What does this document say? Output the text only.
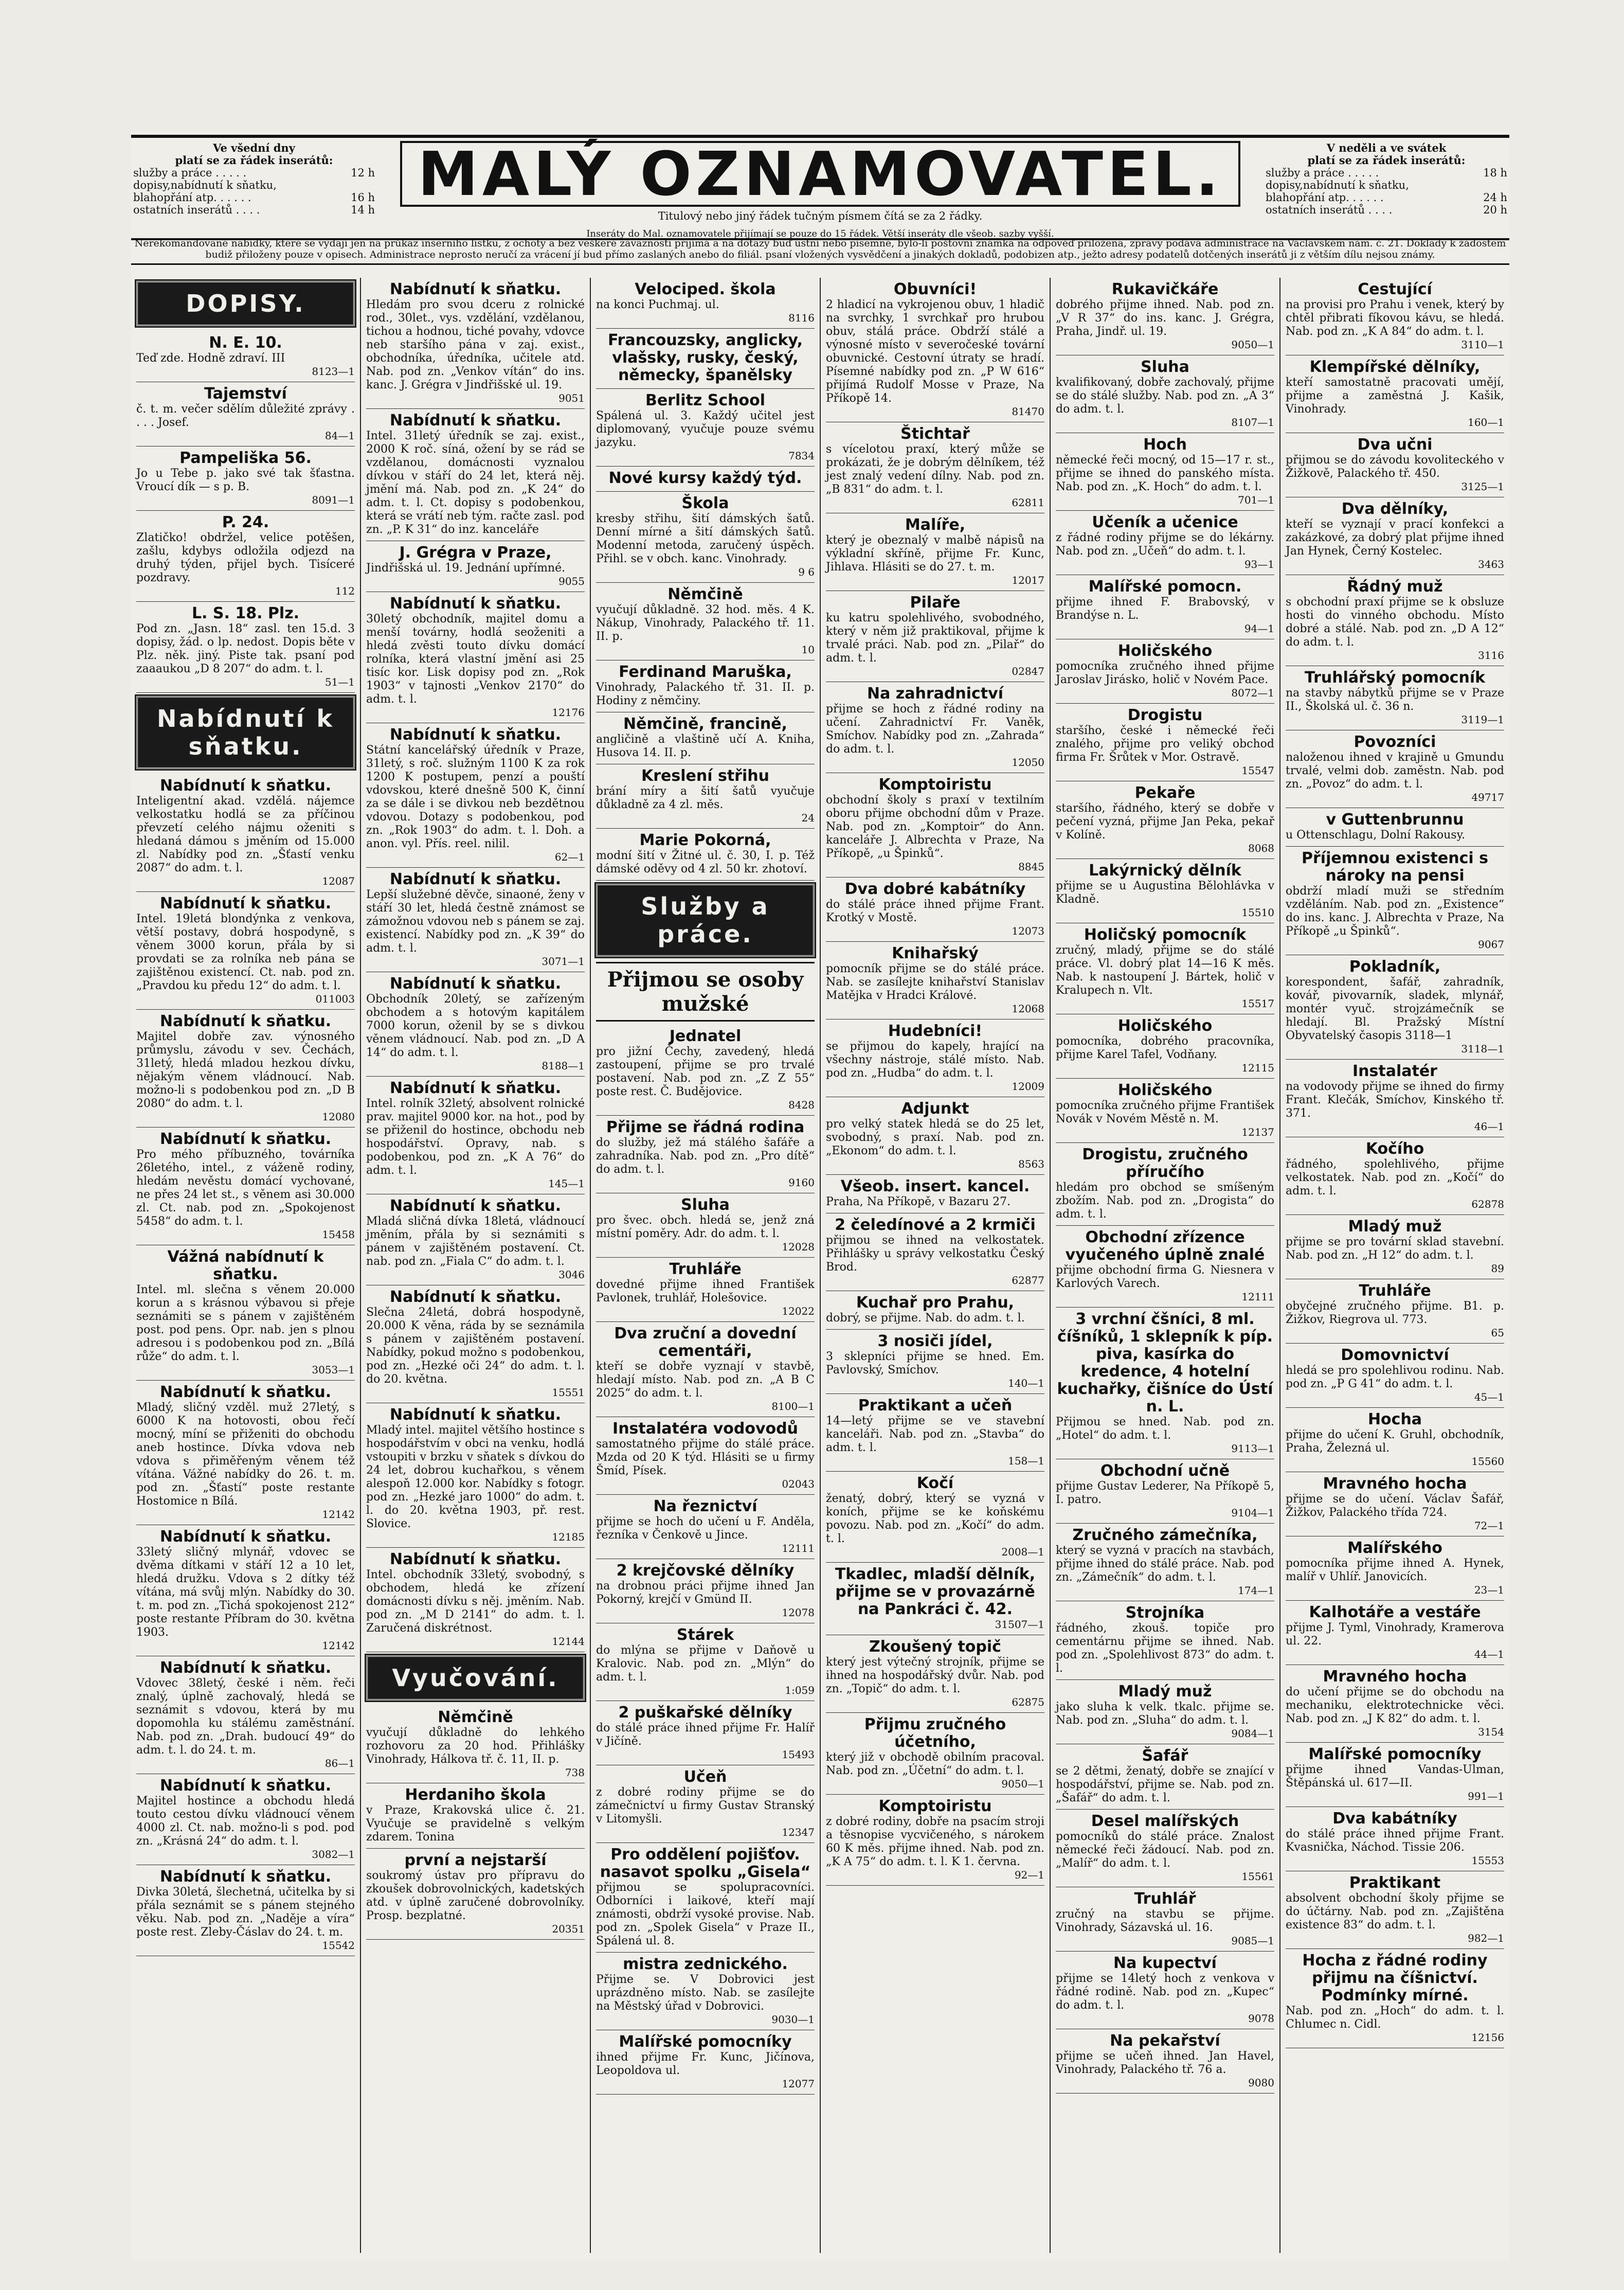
Ve všední dny
platí se za řádek inserátů:
služby a práce . . . . .	12 h
dopisy,nabídnutí k sňatku,
blahopřání atp. . . . . .	16 h
ostatních inserátů . . . .	14 h
MALÝ OZNAMOVATEL.
Titulový nebo jiný řádek tučným písmem čítá se za 2 řádky.
V neděli a ve svátek
platí se za řádek inserátů:
služby a práce . . . . .	18 h
dopisy,nabídnutí k sňatku,
blahopřání atp. . . . . .	24 h
ostatních inserátů . . . .	20 h
Inseráty do Mal. oznamovatele přijímají se pouze do 15 řádek. Větší inseráty dle všeob. sazby vyšší.
Nerekomandované nabídky, které se vydají jen na průkaz inserního lístku, z ochoty a bez veškeré závaznosti přijímá a na dotazy buď ústní nebo písemné, bylo-li poštovní známka na odpověď přiložena, zprávy podává administrace na Václavském nám. č. 21. Doklady k žádostem budiž přiloženy pouze v opisech. Administrace neprosto neručí za vrácení jí bud přímo zaslaných anebo do filiál. psaní vložených vysvědčení a jinakých dokladů, podobizen atp., ježto adresy podatelů dotčených inserátů ji z větším dílu nejsou známy.
DOPISY.
N. E. 10.
Teď zde. Hodně zdraví. III
8123—1
Tajemství
č. t. m. večer sdělím důležité zprávy . . . . Josef.
84—1
Pampeliška 56.
Jo u Tebe p. jako své tak šťastna. Vroucí dík — s p. B.
8091—1
P. 24.
Zlatičko! obdržel, velice potěšen, zašlu, kdybys odložila odjezd na druhý týden, přijel bych. Tisíceré pozdravy.
112
L. S. 18. Plz.
Pod zn. „Jasn. 18“ zasl. ten 15.d. 3 dopisy, žád. o lp. nedost. Dopis běte v Plz. něk. jiný. Piste tak. psaní pod zaaaukou „D 8 207“ do adm. t. l.
51—1
Nabídnutí k sňatku.
Nabídnutí k sňatku.
Inteligentní akad. vzdělá. nájemce velkostatku hodlá se za příčinou převzetí celého nájmu oženiti s hledaná dámou s jměním od 15.000 zl. Nabídky pod zn. „Šťastí venku 2087“ do adm. t. l.
12087
Nabídnutí k sňatku.
Intel. 19letá blondýnka z venkova, větší postavy, dobrá hospodyně, s věnem 3000 korun, přála by si provdati se za rolníka neb pána se zajištěnou existencí. Ct. nab. pod zn. „Pravdou ku předu 12“ do adm. t. l.
011003
Nabídnutí k sňatku.
Majitel dobře zav. výnosného průmyslu, závodu v sev. Čechách, 31letý, hledá mladou hezkou dívku, nějakým věnem vládnoucí. Nab. možno-li s podobenkou pod zn. „D B 2080“ do adm. t. l.
12080
Nabídnutí k sňatku.
Pro mého příbuzného, továrníka 26letého, intel., z váženě rodiny, hledám nevěstu domácí vychované, ne přes 24 let st., s věnem asi 30.000 zl. Ct. nab. pod zn. „Spokojenost 5458“ do adm. t. l.
15458
Vážná nabídnutí k sňatku.
Intel. ml. slečna s věnem 20.000 korun a s krásnou výbavou si přeje seznámiti se s pánem v zajištěném post. pod pens. Opr. nab. jen s plnou adresou i s podobenkou pod zn. „Bílá růže“ do adm. t. l.
3053—1
Nabídnutí k sňatku.
Mladý, sličný vzděl. muž 27letý, s 6000 K na hotovosti, obou řečí mocný, míní se přiženiti do obchodu aneb hostince. Dívka vdova neb vdova s přiměřeným věnem též vítána. Vážné nabídky do 26. t. m. pod zn. „Šťastí“ poste restante Hostomice n Bílá.
12142
Nabídnutí k sňatku.
33letý sličný mlynář, vdovec se dvěma dítkami v stáří 12 a 10 let, hledá družku. Vdova s 2 dítky též vítána, má svůj mlýn. Nabídky do 30. t. m. pod zn. „Tichá spokojenost 212“ poste restante Příbram do 30. května 1903.
12142
Nabídnutí k sňatku.
Vdovec 38letý, české i něm. řeči znalý, úplně zachovalý, hledá se seznámit s vdovou, která by mu dopomohla ku stálému zaměstnání. Nab. pod zn. „Drah. budoucí 49“ do adm. t. l. do 24. t. m.
86—1
Nabídnutí k sňatku.
Majitel hostince a obchodu hledá touto cestou dívku vládnoucí věnem 4000 zl. Ct. nab. možno-li s pod. pod zn. „Krásná 24“ do adm. t. l.
3082—1
Nabídnutí k sňatku.
Divka 30letá, šlechetná, učitelka by si přála seznámit se s pánem stejného věku. Nab. pod zn. „Naděje a víra“ poste rest. Zleby-Čáslav do 24. t. m.
15542
Nabídnutí k sňatku.
Hledám pro svou dceru z rolnické rod., 30let., vys. vzdělání, vzdělanou, tichou a hodnou, tiché povahy, vdovce neb staršího pána v zaj. exist., obchodníka, úředníka, učitele atd. Nab. pod zn. „Venkov vítán“ do ins. kanc. J. Grégra v Jindřišské ul. 19.
9051
Nabídnutí k sňatku.
Intel. 31letý úředník se zaj. exist., 2000 K roč. síná, ožení by se rád se vzdělanou, domácnosti vyznalou dívkou v stáří do 24 let, která něj. jmění má. Nab. pod zn. „K 24“ do adm. t. l. Ct. dopisy s podobenkou, která se vrátí neb tým. račte zasl. pod zn. „P. K 31“ do inz. kanceláře
J. Grégra v Praze,
Jindřišská ul. 19. Jednání upřímné.
9055
Nabídnutí k sňatku.
30letý obchodník, majitel domu a menší továrny, hodlá seoženiti a hledá zvěsti touto dívku domácí rolníka, která vlastní jmění asi 25 tisíc kor. Lisk dopisy pod zn. „Rok 1903“ v tajnosti „Venkov 2170“ do adm. t. l.
12176
Nabídnutí k sňatku.
Státní kancelářský úředník v Praze, 31letý, s roč. služným 1100 K za rok 1200 K postupem, penzí a pouští vdovskou, které dnešně 500 K, činní za se dále i se divkou neb bezdětnou vdovou. Dotazy s podobenkou, pod zn. „Rok 1903“ do adm. t. l. Doh. a anon. vyl. Přís. reel. nilil.
62—1
Nabídnutí k sňatku.
Lepší služebné děvče, sinaoné, ženy v stáří 30 let, hledá čestně známost se zámožnou vdovou neb s pánem se zaj. existencí. Nabídky pod zn. „K 39“ do adm. t. l.
3071—1
Nabídnutí k sňatku.
Obchodník 20letý, se zařízeným obchodem a s hotovým kapitálem 7000 korun, oženil by se s divkou věnem vládnoucí. Nab. pod zn. „D A 14“ do adm. t. l.
8188—1
Nabídnutí k sňatku.
Intel. rolník 32letý, absolvent rolnické prav. majitel 9000 kor. na hot., pod by se přiženil do hostince, obchodu neb hospodářství. Opravy, nab. s podobenkou, pod zn. „K A 76“ do adm. t. l.
145—1
Nabídnutí k sňatku.
Mladá sličná dívka 18letá, vládnoucí jměním, přála by si seznámiti s pánem v zajištěném postavení. Ct. nab. pod zn. „Fiala C“ do adm. t. l.
3046
Nabídnutí k sňatku.
Slečna 24letá, dobrá hospodyně, 20.000 K věna, ráda by se seznámila s pánem v zajištěném postavení. Nabídky, pokud možno s podobenkou, pod zn. „Hezké oči 24“ do adm. t. l. do 20. května.
15551
Nabídnutí k sňatku.
Mladý intel. majitel většího hostince s hospodářstvím v obci na venku, hodlá vstoupiti v brzku v sňatek s dívkou do 24 let, dobrou kuchařkou, s věnem alespoň 12.000 kor. Nabídky s fotogr. pod zn. „Hezké jaro 1000“ do adm. t. l. do 20. května 1903, př. rest. Slovice.
12185
Nabídnutí k sňatku.
Intel. obchodník 33letý, svobodný, s obchodem, hledá ke zřízení domácnosti dívku s něj. jměním. Nab. pod zn. „M D 2141“ do adm. t. l. Zaručená diskrétnost.
12144
Vyučování.
Němčině
vyučují důkladně do lehkého rozhovoru za 20 hod. Přihlášky Vinohrady, Hálkova tř. č. 11, II. p.
738
Herdaniho škola
v Praze, Krakovská ulice č. 21. Vyučuje se pravidelně s velkým zdarem. Tonina
první a nejstarší
soukromý ústav pro přípravu do zkoušek dobrovolnických, kadetských atd. v úplně zaručené dobrovolníky. Prosp. bezplatné.
20351
Velociped. škola
na konci Puchmaj. ul.
8116
Francouzsky, anglicky, vlašsky, rusky, český, německy, španělsky
Berlitz School
Spálená ul. 3. Každý učitel jest diplomovaný, vyučuje pouze svému jazyku.
7834
Nové kursy každý týd.
Škola
kresby střihu, šití dámských šatů. Denní mírné a šití dámských šatů. Modenní metoda, zaručený úspěch. Přihl. se v obch. kanc. Vinohrady.
9 6
Němčině
vyučují důkladně. 32 hod. měs. 4 K. Nákup, Vinohrady, Palackého tř. 11. II. p.
10
Ferdinand Maruška,
Vinohrady, Palackého tř. 31. II. p. Hodiny z němčiny.
Němčině, francině,
angličině a vlaštině učí A. Kniha, Husova 14. II. p.
Kreslení střihu
brání míry a šití šatů vyučuje důkladně za 4 zl. měs.
24
Marie Pokorná,
modní šití v Žitné ul. č. 30, I. p. Též dámské oděvy od 4 zl. 50 kr. zhotoví.
Služby a práce.
Přijmou se osoby mužské
Jednatel
pro jižní Čechy, zavedený, hledá zastoupení, přijme se pro trvalé postavení. Nab. pod zn. „Z Z 55“ poste rest. Č. Budějovice.
8428
Přijme se řádná rodina
do služby, jež má stálého šafáře a zahradníka. Nab. pod zn. „Pro dítě“ do adm. t. l.
9160
Sluha
pro švec. obch. hledá se, jenž zná místní poměry. Adr. do adm. t. l.
12028
Truhláře
dovedné přijme ihned František Pavlonek, truhlář, Holešovice.
12022
Dva zruční a dovední cementáři,
kteří se dobře vyznají v stavbě, hledají místo. Nab. pod zn. „A B C 2025“ do adm. t. l.
8100—1
Instalatéra vodovodů
samostatného přijme do stálé práce. Mzda od 20 K týd. Hlásiti se u firmy Šmíd, Písek.
02043
Na řeznictví
přijme se hoch do učení u F. Anděla, řezníka v Čenkově u Jince.
12111
2 krejčovské dělníky
na drobnou práci přijme ihned Jan Pokorný, krejčí v Gmünd II.
12078
Stárek
do mlýna se přijme v Daňově u Kralovic. Nab. pod zn. „Mlýn“ do adm. t. l.
1:059
2 puškařské dělníky
do stálé práce ihned přijme Fr. Halíř v Jičíně.
15493
Učeň
z dobré rodiny přijme se do zámečnictví u firmy Gustav Stranský v Litomyšli.
12347
Pro oddělení pojišťov. nasavot spolku „Gisela“
přijmou se spolupracovníci. Odborníci i laikové, kteří mají známosti, obdrží vysoké provise. Nab. pod zn. „Spolek Gisela“ v Praze II., Spálená ul. 8.
mistra zednického.
Přijme se. V Dobrovici jest uprázdněno místo. Nab. se zasílejte na Městský úřad v Dobrovici.
9030—1
Malířské pomocníky
ihned přijme Fr. Kunc, Jičínova, Leopoldova ul.
12077
Obuvníci!
2 hladicí na vykrojenou obuv, 1 hladič na svrchky, 1 svrchkař pro hrubou obuv, stálá práce. Obdrží stálé a výnosné místo v severočeské tovární obuvnické. Cestovní útraty se hradí. Písemné nabídky pod zn. „P W 616“ přijímá Rudolf Mosse v Praze, Na Příkopě 14.
81470
Štichtař
s vícelotou praxí, který může se prokázati, že je dobrým dělníkem, též jest znalý vedení dílny. Nab. pod zn. „B 831“ do adm. t. l.
62811
Malíře,
který je obeznalý v malbě nápisů na výkladní skříně, přijme Fr. Kunc, Jihlava. Hlásiti se do 27. t. m.
12017
Pilaře
ku katru spolehlivého, svobodného, který v něm již praktikoval, přijme k trvalé práci. Nab. pod zn. „Pilař“ do adm. t. l.
02847
Na zahradnictví
přijme se hoch z řádné rodiny na učení. Zahradnictví Fr. Vaněk, Smíchov. Nabídky pod zn. „Zahrada“ do adm. t. l.
12050
Komptoiristu
obchodní školy s praxí v textilním oboru přijme obchodní dům v Praze. Nab. pod zn. „Komptoir“ do Ann. kanceláře J. Albrechta v Praze, Na Příkopě, „u Špinků“.
8845
Dva dobré kabátníky
do stálé práce ihned přijme Frant. Krotký v Mostě.
12073
Knihařský
pomocník přijme se do stálé práce. Nab. se zasílejte knihařství Stanislav Matějka v Hradci Králové.
12068
Hudebníci!
se přijmou do kapely, hrající na všechny nástroje, stálé místo. Nab. pod zn. „Hudba“ do adm. t. l.
12009
Adjunkt
pro velký statek hledá se do 25 let, svobodný, s praxí. Nab. pod zn. „Ekonom“ do adm. t. l.
8563
Všeob. insert. kancel.
Praha, Na Příkopě, v Bazaru 27.
2 čeledínové a 2 krmiči
přijmou se ihned na velkostatek. Přihlášky u správy velkostatku Český Brod.
62877
Kuchař pro Prahu,
dobrý, se přijme. Nab. do adm. t. l.
3 nosiči jídel,
3 sklepníci přijme se hned. Em. Pavlovský, Smíchov.
140—1
Praktikant a učeň
14—letý přijme se ve stavební kanceláři. Nab. pod zn. „Stavba“ do adm. t. l.
158—1
Kočí
ženatý, dobrý, který se vyzná v koních, přijme se ke koňskému povozu. Nab. pod zn. „Kočí“ do adm. t. l.
2008—1
Tkadlec, mladší dělník, přijme se v provazárně na Pankráci č. 42.
31507—1
Zkoušený topič
který jest výtečný strojník, přijme se ihned na hospodářský dvůr. Nab. pod zn. „Topič“ do adm. t. l.
62875
Přijmu zručného účetního,
který již v obchodě obilním pracoval. Nab. pod zn. „Účetní“ do adm. t. l.
9050—1
Komptoiristu
z dobré rodiny, dobře na psacím stroji a těsnopise vycvičeného, s nárokem 60 K měs. přijme ihned. Nab. pod zn. „K A 75“ do adm. t. l. K 1. června.
92—1
Rukavičkáře
dobrého přijme ihned. Nab. pod zn. „V R 37“ do ins. kanc. J. Grégra, Praha, Jindř. ul. 19.
9050—1
Sluha
kvalifikovaný, dobře zachovalý, přijme se do stálé služby. Nab. pod zn. „A 3“ do adm. t. l.
8107—1
Hoch
německé řeči mocný, od 15—17 r. st., přijme se ihned do panského místa. Nab. pod zn. „K. Hoch“ do adm. t. l.
701—1
Učeník a učenice
z řádné rodiny přijme se do lékárny. Nab. pod zn. „Učeň“ do adm. t. l.
93—1
Malířské pomocn.
přijme ihned F. Brabovský, v Brandýse n. L.
94—1
Holičského
pomocníka zručného ihned přijme Jaroslav Jirásko, holič v Novém Pace.
8072—1
Drogistu
staršího, české i německé řeči znalého, přijme pro veliký obchod firma Fr. Šrůtek v Mor. Ostravě.
15547
Pekaře
staršího, řádného, který se dobře v pečení vyzná, přijme Jan Peka, pekař v Kolíně.
8068
Lakýrnický dělník
přijme se u Augustina Bělohlávka v Kladně.
15510
Holičský pomocník
zručný, mladý, přijme se do stálé práce. Vl. dobrý plat 14—16 K měs. Nab. k nastoupení J. Bártek, holič v Kralupech n. Vlt.
15517
Holičského
pomocníka, dobrého pracovníka, přijme Karel Tafel, Vodňany.
12115
Holičského
pomocníka zručného přijme František Novák v Novém Městě n. M.
12137
Drogistu, zručného příručího
hledám pro obchod se smíšeným zbožím. Nab. pod zn. „Drogista“ do adm. t. l.
Obchodní zřízence vyučeného úplně znalé
přijme obchodní firma G. Niesnera v Karlových Varech.
12111
3 vrchní čšníci, 8 ml. číšníků, 1 sklepník k píp. piva, kasírka do kredence, 4 hotelní kuchařky, čišníce do Ústí n. L.
Přijmou se hned. Nab. pod zn. „Hotel“ do adm. t. l.
9113—1
Obchodní učně
přijme Gustav Lederer, Na Příkopě 5, I. patro.
9104—1
Zručného zámečníka,
který se vyzná v pracích na stavbách, přijme ihned do stálé práce. Nab. pod zn. „Zámečník“ do adm. t. l.
174—1
Strojníka
řádného, zkouš. topiče pro cementárnu přijme se ihned. Nab. pod zn. „Spolehlivost 873“ do adm. t. l.
Mladý muž
jako sluha k velk. tkalc. přijme se. Nab. pod zn. „Sluha“ do adm. t. l.
9084—1
Šafář
se 2 dětmi, ženatý, dobře se znající v hospodářství, přijme se. Nab. pod zn. „Šafář“ do adm. t. l.
Desel malířských
pomocníků do stálé práce. Znalost německé řeči žádoucí. Nab. pod zn. „Malíř“ do adm. t. l.
15561
Truhlář
zručný na stavbu se přijme. Vinohrady, Sázavská ul. 16.
9085—1
Na kupectví
přijme se 14letý hoch z venkova v řádné rodině. Nab. pod zn. „Kupec“ do adm. t. l.
9078
Na pekařství
přijme se učeň ihned. Jan Havel, Vinohrady, Palackého tř. 76 a.
9080
Cestující
na provisi pro Prahu i venek, který by chtěl přibrati fíkovou kávu, se hledá. Nab. pod zn. „K A 84“ do adm. t. l.
3110—1
Klempířské dělníky,
kteří samostatně pracovati umějí, přijme a zaměstná J. Kašik, Vinohrady.
160—1
Dva učni
přijmou se do závodu kovoliteckého v Žižkově, Palackého tř. 450.
3125—1
Dva dělníky,
kteří se vyznají v prací konfekci a zakázkové, za dobrý plat přijme ihned Jan Hynek, Černý Kostelec.
3463
Řádný muž
s obchodní praxí přijme se k obsluze hosti do vinného obchodu. Místo dobré a stálé. Nab. pod zn. „D A 12“ do adm. t. l.
3116
Truhlářský pomocník
na stavby nábytků přijme se v Praze II., Školská ul. č. 36 n.
3119—1
Povozníci
naloženou ihned v krajině u Gmundu trvalé, velmi dob. zaměstn. Nab. pod zn. „Povoz“ do adm. t. l.
49717
v Guttenbrunnu
u Ottenschlagu, Dolní Rakousy.
Příjemnou existenci s nároky na pensi
obdrží mladí muži se středním vzděláním. Nab. pod zn. „Existence“ do ins. kanc. J. Albrechta v Praze, Na Příkopě „u Špinků“.
9067
Pokladník,
korespondent, šafář, zahradník, kovář, pivovarník, sladek, mlynář, montér vyuč. strojzámečník se hledají. Bl. Pražský Místní Obyvatelský časopis 3118—1
3118—1
Instalatér
na vodovody přijme se ihned do firmy Frant. Klečák, Smíchov, Kinského tř. 371.
46—1
Kočího
řádného, spolehlivého, přijme velkostatek. Nab. pod zn. „Kočí“ do adm. t. l.
62878
Mladý muž
přijme se pro tovární sklad stavební. Nab. pod zn. „H 12“ do adm. t. l.
89
Truhláře
obyčejné zručného přijme. B1. p. Žižkov, Riegrova ul. 773.
65
Domovnictví
hledá se pro spolehlivou rodinu. Nab. pod zn. „P G 41“ do adm. t. l.
45—1
Hocha
přijme do učení K. Gruhl, obchodník, Praha, Železná ul.
15560
Mravného hocha
přijme se do učení. Václav Šafář, Žižkov, Palackého třída 724.
72—1
Malířského
pomocníka přijme ihned A. Hynek, malíř v Uhlíř. Janovicích.
23—1
Kalhotáře a vestáře
přijme J. Tyml, Vinohrady, Kramerova ul. 22.
44—1
Mravného hocha
do učení přijme se do obchodu na mechaniku, elektrotechnicke věci. Nab. pod zn. „J K 82“ do adm. t. l.
3154
Malířské pomocníky
přijme ihned Vandas-Ulman, Štěpánská ul. 617—II.
991—1
Dva kabátníky
do stálé práce ihned přijme Frant. Kvasnička, Náchod. Tissie 206.
15553
Praktikant
absolvent obchodní školy přijme se do účtárny. Nab. pod zn. „Zajištěna existence 83“ do adm. t. l.
982—1
Hocha z řádné rodiny přijmu na číšnictví. Podmínky mírné.
Nab. pod zn. „Hoch“ do adm. t. l. Chlumec n. Cidl.
12156
